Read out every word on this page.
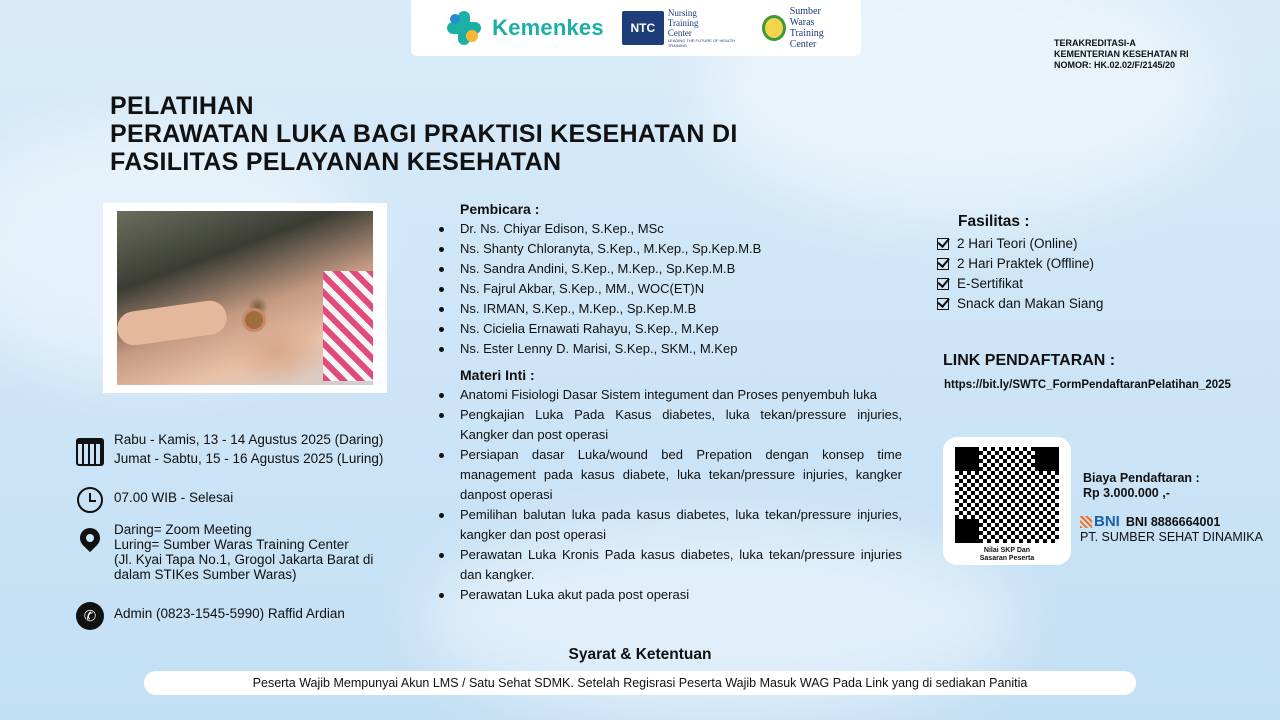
Kemenkes	NTC
Nursing
Training
Center
LEADING THE FUTURE OF HEALTH TRAINING
Sumber Waras
Training Center	TERAKREDITASI-A
KEMENTERIAN KESEHATAN RI
NOMOR: HK.02.02/F/2145/20
PELATIHAN
PERAWATAN LUKA BAGI PRAKTISI KESEHATAN DI
FASILITAS PELAYANAN KESEHATAN
Rabu - Kamis, 13 - 14 Agustus 2025 (Daring)
Jumat - Sabtu, 15 - 16 Agustus 2025 (Luring)
07.00 WIB - Selesai
Daring= Zoom Meeting
Luring= Sumber Waras Training Center
(Jl. Kyai Tapa No.1, Grogol Jakarta Barat di
dalam STIKes Sumber Waras)
✆	Admin (0823-1545-5990) Raffid Ardian
Pembicara :
Dr. Ns. Chiyar Edison, S.Kep., MSc
Ns. Shanty Chloranyta, S.Kep., M.Kep., Sp.Kep.M.B
Ns. Sandra Andini, S.Kep., M.Kep., Sp.Kep.M.B
Ns. Fajrul Akbar, S.Kep., MM., WOC(ET)N
Ns. IRMAN, S.Kep., M.Kep., Sp.Kep.M.B
Ns. Cicielia Ernawati Rahayu, S.Kep., M.Kep
Ns. Ester Lenny D. Marisi, S.Kep., SKM., M.Kep
Materi Inti :
Anatomi Fisiologi Dasar Sistem integument dan Proses penyembuh luka
Pengkajian Luka Pada Kasus diabetes, luka tekan/pressure injuries, Kangker dan post operasi
Persiapan dasar Luka/wound bed Prepation dengan konsep time management pada kasus diabete, luka tekan/pressure injuries, kangker danpost operasi
Pemilihan balutan luka pada kasus diabetes, luka tekan/pressure injuries, kangker dan post operasi
Perawatan Luka Kronis Pada kasus diabetes, luka tekan/pressure injuries dan kangker.
Perawatan Luka akut pada post operasi
Fasilitas :
2 Hari Teori (Online)
2 Hari Praktek (Offline)
E-Sertifikat
Snack dan Makan Siang
LINK PENDAFTARAN :
https://bit.ly/SWTC_FormPendaftaranPelatihan_2025
Nilai SKP Dan
Sasaran Peserta
Biaya Pendaftaran :
Rp 3.000.000 ,-
BNI BNI 8886664001
PT. SUMBER SEHAT DINAMIKA
Syarat & Ketentuan
Peserta Wajib Mempunyai Akun LMS / Satu Sehat SDMK. Setelah Regisrasi Peserta Wajib Masuk WAG Pada Link yang di sediakan Panitia
